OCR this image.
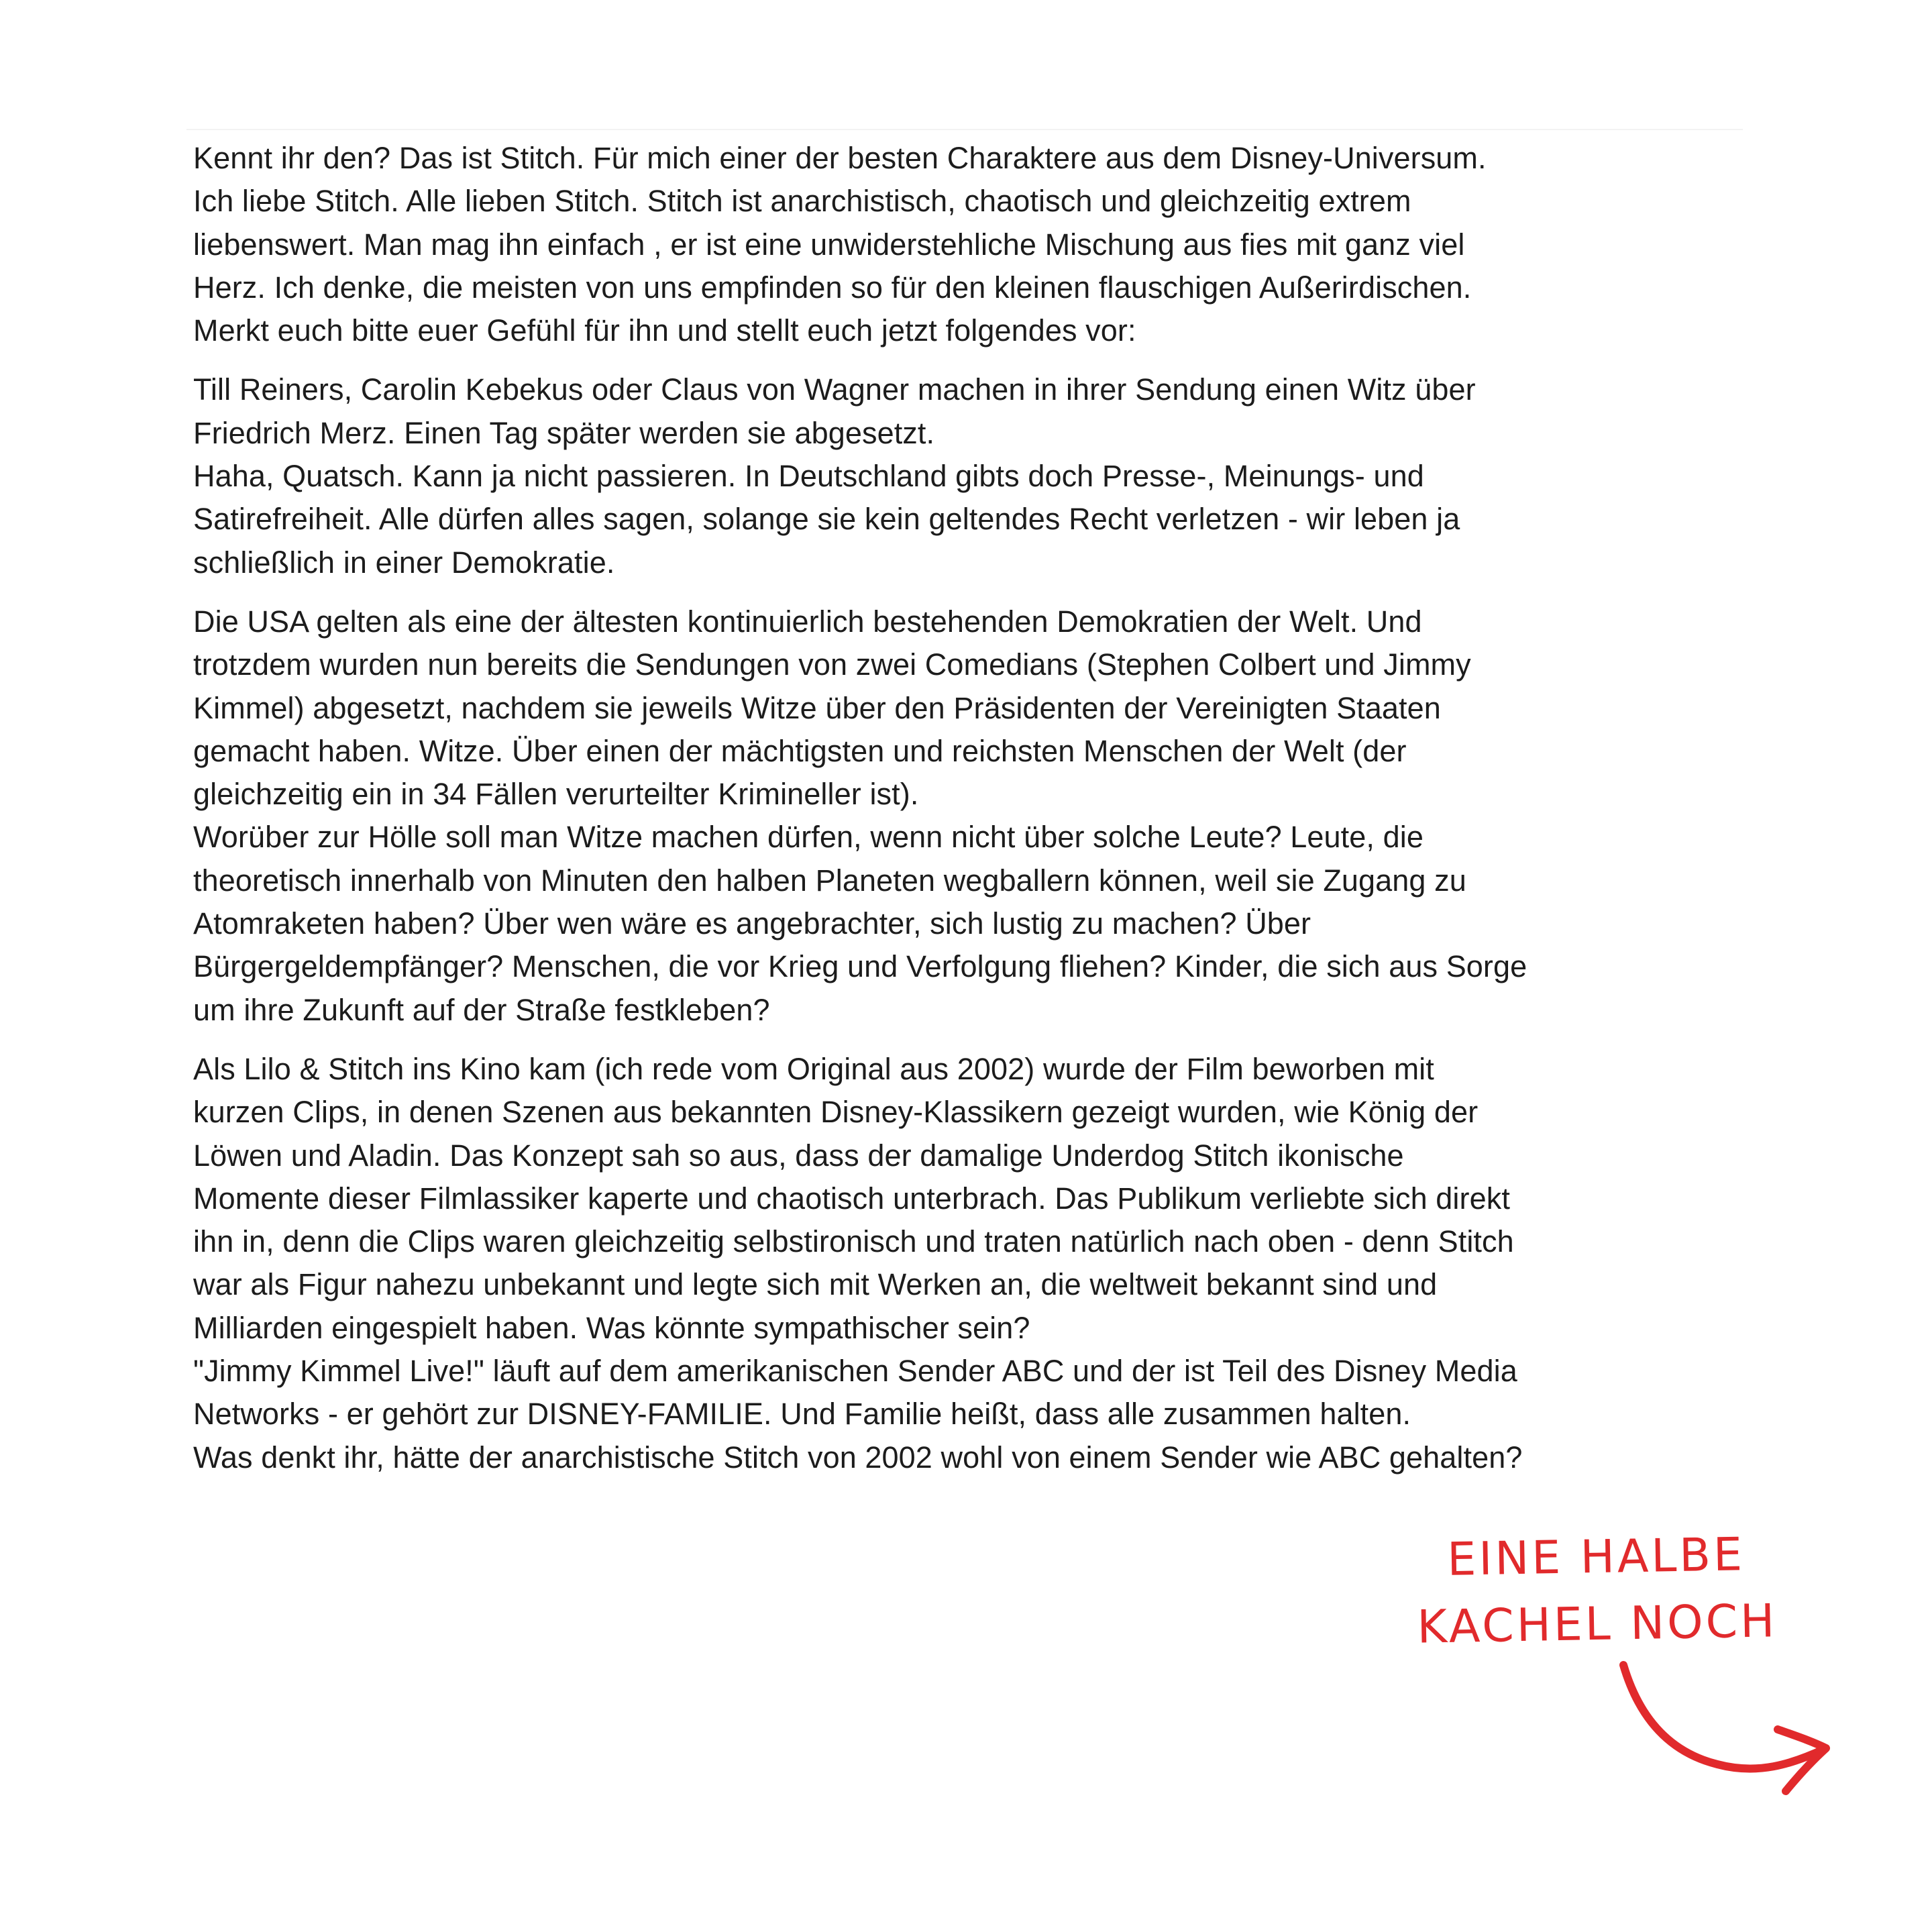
Kennt ihr den? Das ist Stitch. Für mich einer der besten Charaktere aus dem Disney-Universum.
Ich liebe Stitch. Alle lieben Stitch. Stitch ist anarchistisch, chaotisch und gleichzeitig extrem
liebenswert. Man mag ihn einfach , er ist eine unwiderstehliche Mischung aus fies mit ganz viel
Herz. Ich denke, die meisten von uns empfinden so für den kleinen flauschigen Außerirdischen.
Merkt euch bitte euer Gefühl für ihn und stellt euch jetzt folgendes vor:

Till Reiners, Carolin Kebekus oder Claus von Wagner machen in ihrer Sendung einen Witz über
Friedrich Merz. Einen Tag später werden sie abgesetzt.
Haha, Quatsch. Kann ja nicht passieren. In Deutschland gibts doch Presse-, Meinungs- und
Satirefreiheit. Alle dürfen alles sagen, solange sie kein geltendes Recht verletzen - wir leben ja
schließlich in einer Demokratie.

Die USA gelten als eine der ältesten kontinuierlich bestehenden Demokratien der Welt. Und
trotzdem wurden nun bereits die Sendungen von zwei Comedians (Stephen Colbert und Jimmy
Kimmel) abgesetzt, nachdem sie jeweils Witze über den Präsidenten der Vereinigten Staaten
gemacht haben. Witze. Über einen der mächtigsten und reichsten Menschen der Welt (der
gleichzeitig ein in 34 Fällen verurteilter Krimineller ist).
Worüber zur Hölle soll man Witze machen dürfen, wenn nicht über solche Leute? Leute, die
theoretisch innerhalb von Minuten den halben Planeten wegballern können, weil sie Zugang zu
Atomraketen haben? Über wen wäre es angebrachter, sich lustig zu machen? Über
Bürgergeldempfänger? Menschen, die vor Krieg und Verfolgung fliehen? Kinder, die sich aus Sorge
um ihre Zukunft auf der Straße festkleben?

Als Lilo & Stitch ins Kino kam (ich rede vom Original aus 2002) wurde der Film beworben mit
kurzen Clips, in denen Szenen aus bekannten Disney-Klassikern gezeigt wurden, wie König der
Löwen und Aladin. Das Konzept sah so aus, dass der damalige Underdog Stitch ikonische
Momente dieser Filmlassiker kaperte und chaotisch unterbrach. Das Publikum verliebte sich direkt
ihn in, denn die Clips waren gleichzeitig selbstironisch und traten natürlich nach oben - denn Stitch
war als Figur nahezu unbekannt und legte sich mit Werken an, die weltweit bekannt sind und
Milliarden eingespielt haben. Was könnte sympathischer sein?
"Jimmy Kimmel Live!" läuft auf dem amerikanischen Sender ABC und der ist Teil des Disney Media
Networks - er gehört zur DISNEY-FAMILIE. Und Familie heißt, dass alle zusammen halten.
Was denkt ihr, hätte der anarchistische Stitch von 2002 wohl von einem Sender wie ABC gehalten?

EINE HALBE
KACHEL NOCH
